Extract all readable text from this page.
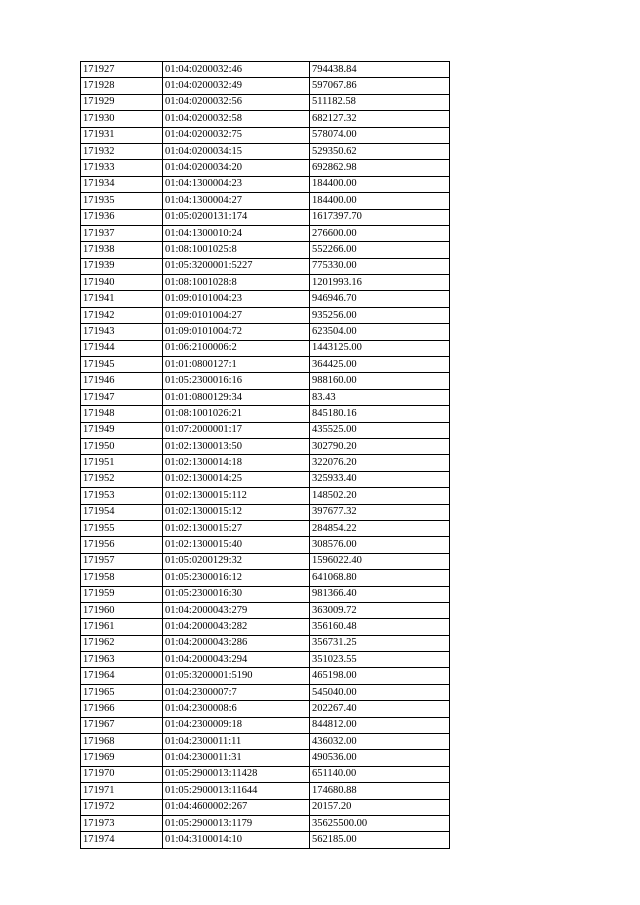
171927	01:04:0200032:46	794438.84
171928	01:04:0200032:49	597067.86
171929	01:04:0200032:56	511182.58
171930	01:04:0200032:58	682127.32
171931	01:04:0200032:75	578074.00
171932	01:04:0200034:15	529350.62
171933	01:04:0200034:20	692862.98
171934	01:04:1300004:23	184400.00
171935	01:04:1300004:27	184400.00
171936	01:05:0200131:174	1617397.70
171937	01:04:1300010:24	276600.00
171938	01:08:1001025:8	552266.00
171939	01:05:3200001:5227	775330.00
171940	01:08:1001028:8	1201993.16
171941	01:09:0101004:23	946946.70
171942	01:09:0101004:27	935256.00
171943	01:09:0101004:72	623504.00
171944	01:06:2100006:2	1443125.00
171945	01:01:0800127:1	364425.00
171946	01:05:2300016:16	988160.00
171947	01:01:0800129:34	83.43
171948	01:08:1001026:21	845180.16
171949	01:07:2000001:17	435525.00
171950	01:02:1300013:50	302790.20
171951	01:02:1300014:18	322076.20
171952	01:02:1300014:25	325933.40
171953	01:02:1300015:112	148502.20
171954	01:02:1300015:12	397677.32
171955	01:02:1300015:27	284854.22
171956	01:02:1300015:40	308576.00
171957	01:05:0200129:32	1596022.40
171958	01:05:2300016:12	641068.80
171959	01:05:2300016:30	981366.40
171960	01:04:2000043:279	363009.72
171961	01:04:2000043:282	356160.48
171962	01:04:2000043:286	356731.25
171963	01:04:2000043:294	351023.55
171964	01:05:3200001:5190	465198.00
171965	01:04:2300007:7	545040.00
171966	01:04:2300008:6	202267.40
171967	01:04:2300009:18	844812.00
171968	01:04:2300011:11	436032.00
171969	01:04:2300011:31	490536.00
171970	01:05:2900013:11428	651140.00
171971	01:05:2900013:11644	174680.88
171972	01:04:4600002:267	20157.20
171973	01:05:2900013:1179	35625500.00
171974	01:04:3100014:10	562185.00
